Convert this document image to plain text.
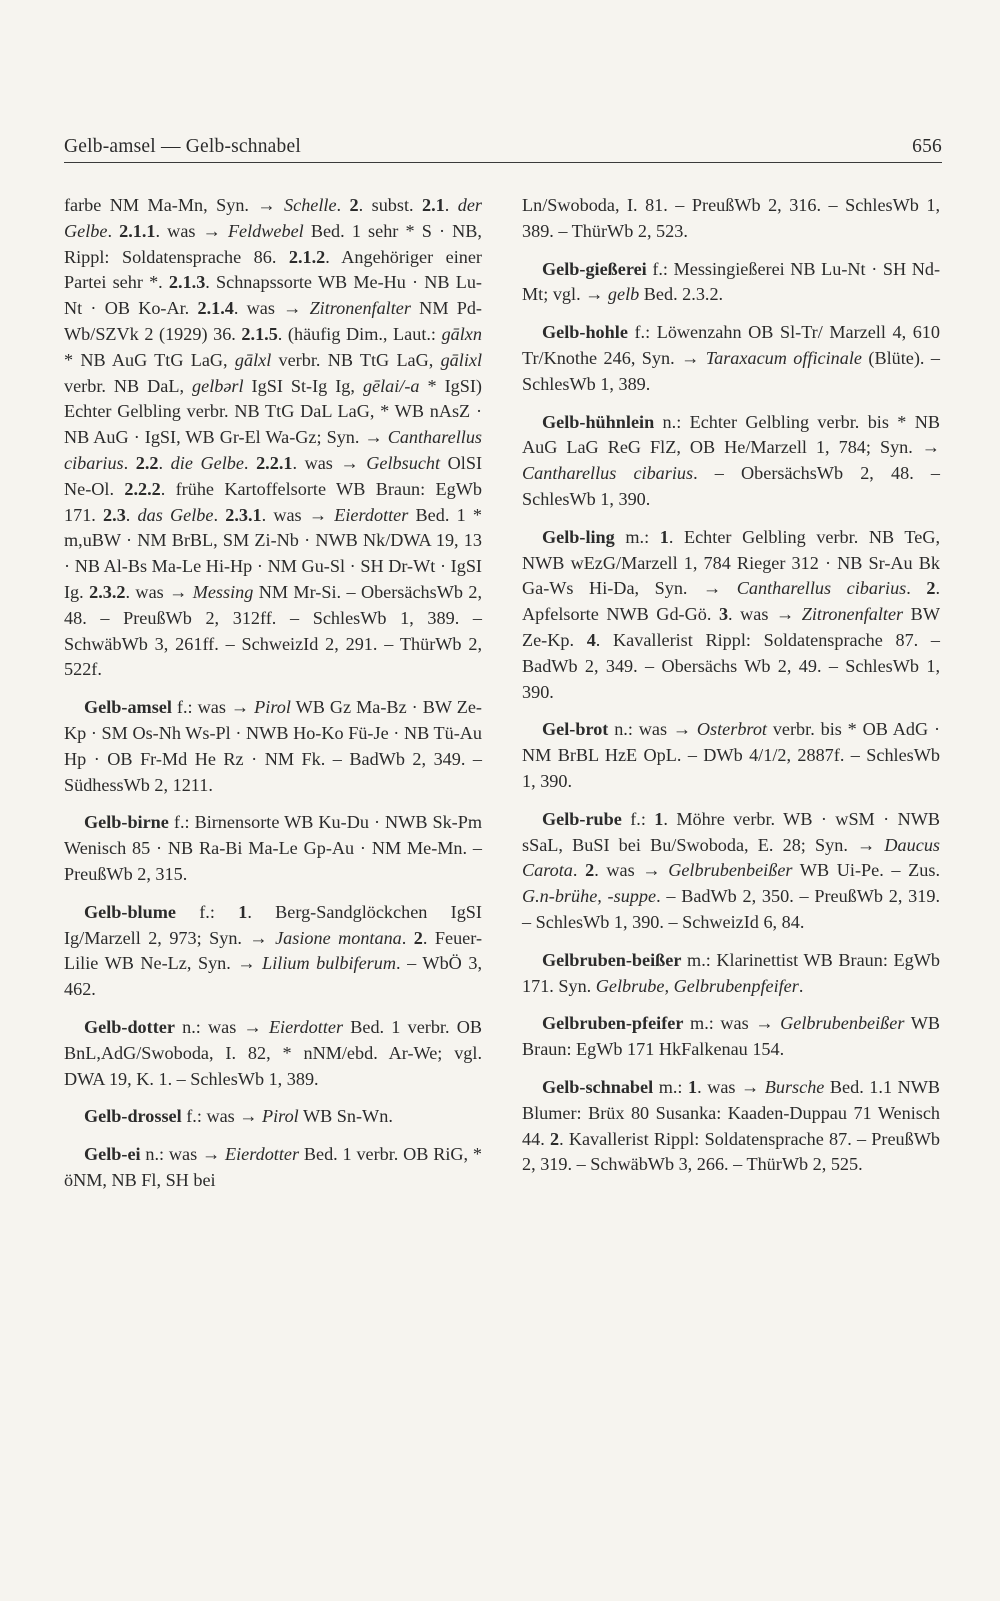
Gelb-amsel — Gelb-schnabel	656

farbe NM Ma-Mn, Syn. → Schelle. 2. subst. 2.1. der Gelbe. 2.1.1. was → Feldwebel Bed. 1 sehr * S · NB, Rippl: Soldatensprache 86. 2.1.2. Angehöriger einer Partei sehr *. 2.1.3. Schnapssorte WB Me-Hu · NB Lu-Nt · OB Ko-Ar. 2.1.4. was → Zitronenfalter NM Pd-Wb/SZVk 2 (1929) 36. 2.1.5. (häufig Dim., Laut.: gālxn * NB AuG TtG LaG, gālxl verbr. NB TtG LaG, gālixl verbr. NB DaL, gelbərl IgSI St-Ig Ig, gēlai/-a * IgSI) Echter Gelbling verbr. NB TtG DaL LaG, * WB nAsZ · NB AuG · IgSI, WB Gr-El Wa-Gz; Syn. → Cantharellus cibarius. 2.2. die Gelbe. 2.2.1. was → Gelbsucht OlSI Ne-Ol. 2.2.2. frühe Kartoffelsorte WB Braun: EgWb 171. 2.3. das Gelbe. 2.3.1. was → Eierdotter Bed. 1 * m,uBW · NM BrBL, SM Zi-Nb · NWB Nk/DWA 19, 13 · NB Al-Bs Ma-Le Hi-Hp · NM Gu-Sl · SH Dr-Wt · IgSI Ig. 2.3.2. was → Messing NM Mr-Si. – ObersächsWb 2, 48. – PreußWb 2, 312ff. – SchlesWb 1, 389. – SchwäbWb 3, 261ff. – SchweizId 2, 291. – ThürWb 2, 522f.

Gelb-amsel f.: was → Pirol WB Gz Ma-Bz · BW Ze-Kp · SM Os-Nh Ws-Pl · NWB Ho-Ko Fü-Je · NB Tü-Au Hp · OB Fr-Md He Rz · NM Fk. – BadWb 2, 349. – SüdhessWb 2, 1211.

Gelb-birne f.: Birnensorte WB Ku-Du · NWB Sk-Pm Wenisch 85 · NB Ra-Bi Ma-Le Gp-Au · NM Me-Mn. – PreußWb 2, 315.

Gelb-blume f.: 1. Berg-Sandglöckchen IgSI Ig/Marzell 2, 973; Syn. → Jasione montana. 2. Feuer-Lilie WB Ne-Lz, Syn. → Lilium bulbiferum. – WbÖ 3, 462.

Gelb-dotter n.: was → Eierdotter Bed. 1 verbr. OB BnL,AdG/Swoboda, I. 82, * nNM/ebd. Ar-We; vgl. DWA 19, K. 1. – SchlesWb 1, 389.

Gelb-drossel f.: was → Pirol WB Sn-Wn.

Gelb-ei n.: was → Eierdotter Bed. 1 verbr. OB RiG, * öNM, NB Fl, SH bei

Ln/Swoboda, I. 81. – PreußWb 2, 316. – SchlesWb 1, 389. – ThürWb 2, 523.

Gelb-gießerei f.: Messingießerei NB Lu-Nt · SH Nd-Mt; vgl. → gelb Bed. 2.3.2.

Gelb-hohle f.: Löwenzahn OB Sl-Tr/ Marzell 4, 610 Tr/Knothe 246, Syn. → Taraxacum officinale (Blüte). – SchlesWb 1, 389.

Gelb-hühnlein n.: Echter Gelbling verbr. bis * NB AuG LaG ReG FlZ, OB He/Marzell 1, 784; Syn. → Cantharellus cibarius. – ObersächsWb 2, 48. – SchlesWb 1, 390.

Gelb-ling m.: 1. Echter Gelbling verbr. NB TeG, NWB wEzG/Marzell 1, 784 Rieger 312 · NB Sr-Au Bk Ga-Ws Hi-Da, Syn. → Cantharellus cibarius. 2. Apfelsorte NWB Gd-Gö. 3. was → Zitronenfalter BW Ze-Kp. 4. Kavallerist Rippl: Soldatensprache 87. – BadWb 2, 349. – Obersächs Wb 2, 49. – SchlesWb 1, 390.

Gel-brot n.: was → Osterbrot verbr. bis * OB AdG · NM BrBL HzE OpL. – DWb 4/1/2, 2887f. – SchlesWb 1, 390.

Gelb-rube f.: 1. Möhre verbr. WB · wSM · NWB sSaL, BuSI bei Bu/Swoboda, E. 28; Syn. → Daucus Carota. 2. was → Gelbrubenbeißer WB Ui-Pe. – Zus. G.n-brühe, -suppe. – BadWb 2, 350. – PreußWb 2, 319. – SchlesWb 1, 390. – SchweizId 6, 84.

Gelbruben-beißer m.: Klarinettist WB Braun: EgWb 171. Syn. Gelbrube, Gelbrubenpfeifer.

Gelbruben-pfeifer m.: was → Gelbrubenbeißer WB Braun: EgWb 171 HkFalkenau 154.

Gelb-schnabel m.: 1. was → Bursche Bed. 1.1 NWB Blumer: Brüx 80 Susanka: Kaaden-Duppau 71 Wenisch 44. 2. Kavallerist Rippl: Soldatensprache 87. – PreußWb 2, 319. – SchwäbWb 3, 266. – ThürWb 2, 525.
